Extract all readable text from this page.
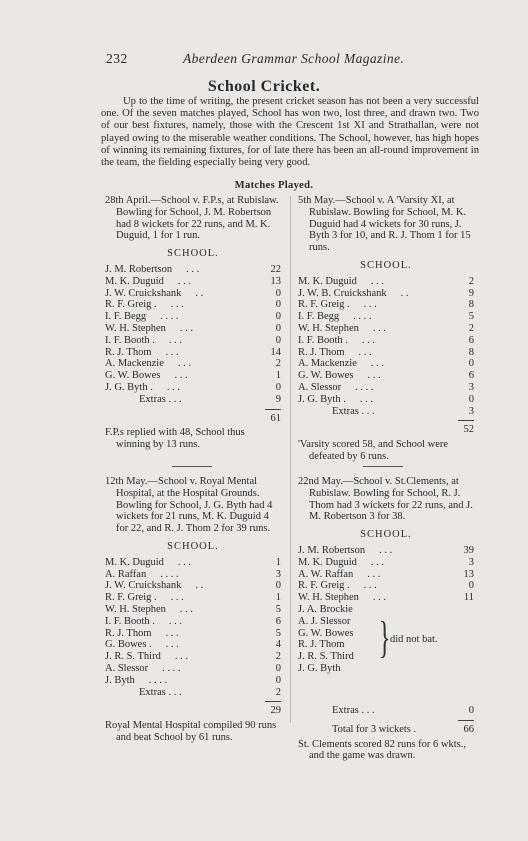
232	Aberdeen Grammar School Magazine.
School Cricket.

Up to the time of writing, the present cricket season has not been a very successful one. Of the seven matches played, School has won two, lost three, and drawn two. Two of our best fixtures, namely, those with the Crescent 1st XI and Strathallan, were not played owing to the miserable weather conditions. The School, however, has high hopes of winning its remaining fixtures, for of late there has been an all-round improvement in the team, the fielding especially being very good.

Matches Played.

28th April.—School v. F.P.s, at Rubislaw. Bowling for School, J. M. Robertson had 8 wickets for 22 runs, and M. K. Duguid, 1 for 1 run.

SCHOOL.

J. M. Robertson . . .	22
M. K. Duguid . . .	13
J. W. Cruickshank . .	0
R. F. Greig . . . .	0
I. F. Begg . . . .	0
W. H. Stephen . . .	0
I. F. Booth . . . .	0
R. J. Thom . . .	14
A. Mackenzie . . .	2
G. W. Bowes . . .	1
J. G. Byth . . . .	0
Extras . . .	9
61

F.P.s replied with 48, School thus winning by 13 runs.

5th May.—School v. A 'Varsity XI, at Rubislaw. Bowling for School, M. K. Duguid had 4 wickets for 30 runs, J. Byth 3 for 10, and R. J. Thom 1 for 15 runs.

SCHOOL.

M. K. Duguid . . .	2
J. W. B. Cruickshank . .	9
R. F. Greig . . . .	8
I. F. Begg . . . .	5
W. H. Stephen . . .	2
I. F. Booth . . . .	6
R. J. Thom . . .	8
A. Mackenzie . . .	0
G. W. Bowes . . .	6
A. Slessor . . . .	3
J. G. Byth . . . .	0
Extras . . .	3
52

'Varsity scored 58, and School were defeated by 6 runs.

12th May.—School v. Royal Mental Hospital, at the Hospital Grounds. Bowling for School, J. G. Byth had 4 wickets for 21 runs, M. K. Duguid 4 for 22, and R. J. Thom 2 for 39 runs.

SCHOOL.

M. K. Duguid . . .	1
A. Raffan . . . .	3
J. W. Cruickshank . .	0
R. F. Greig . . . .	1
W. H. Stephen . . .	5
I. F. Booth . . . .	6
R. J. Thom . . .	5
G. Bowes . . . .	4
J. R. S. Third . . .	2
A. Slessor . . . .	0
J. Byth . . . .	0
Extras . . .	2
29

Royal Mental Hospital compiled 90 runs and beat School by 61 runs.

22nd May.—School v. St.Clements, at Rubislaw. Bowling for School, R. J. Thom had 3 wickets for 22 runs, and J. M. Robertson 3 for 38.

SCHOOL.

J. M. Robertson . . .	39
M. K. Duguid . . .	3
A. W. Raffan . . .	13
R. F. Greig . . . .	0
W. H. Stephen . . .	11
J. A. Brockie
A. J. Slessor
G. W. Bowes
R. J. Thom
J. R. S. Third
J. G. Byth
} did not bat.
Extras . . .	0
Total for 3 wickets .	66

St. Clements scored 82 runs for 6 wkts., and the game was drawn.
